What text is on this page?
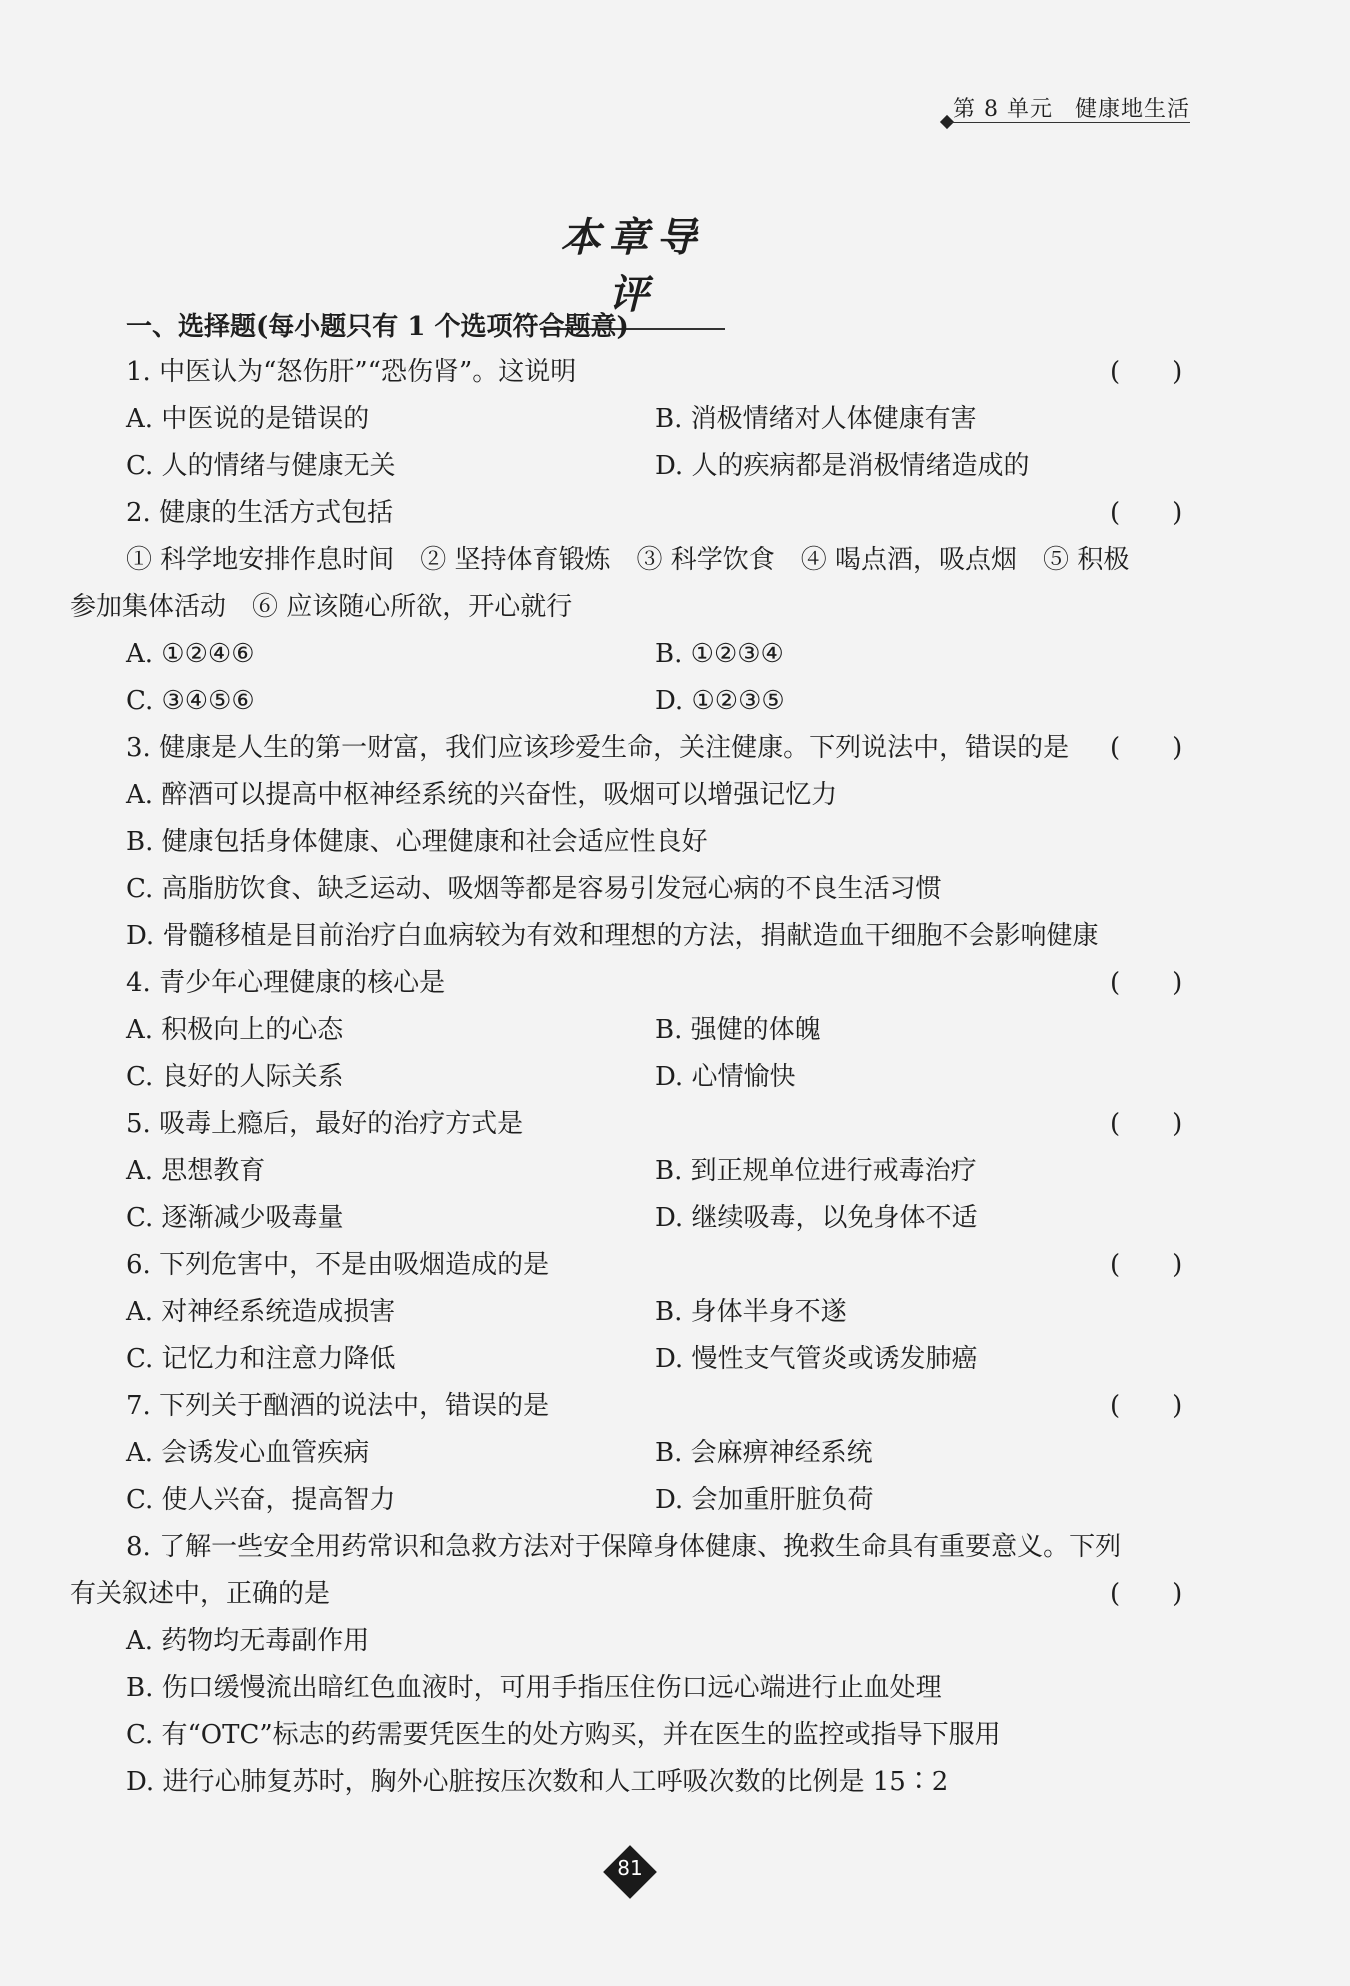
第 8 单元 健康地生活
本章导评
一、选择题(每小题只有 1 个选项符合题意)
1. 中医认为“怒伤肝”“恐伤肾”。这说明	(　　)
A. 中医说的是错误的	B. 消极情绪对人体健康有害
C. 人的情绪与健康无关	D. 人的疾病都是消极情绪造成的
2. 健康的生活方式包括	(　　)
① 科学地安排作息时间　② 坚持体育锻炼　③ 科学饮食　④ 喝点酒，吸点烟　⑤ 积极
参加集体活动　⑥ 应该随心所欲，开心就行
A. ①②④⑥	B. ①②③④
C. ③④⑤⑥	D. ①②③⑤
3. 健康是人生的第一财富，我们应该珍爱生命，关注健康。下列说法中，错误的是 (　　)
A. 醉酒可以提高中枢神经系统的兴奋性，吸烟可以增强记忆力
B. 健康包括身体健康、心理健康和社会适应性良好
C. 高脂肪饮食、缺乏运动、吸烟等都是容易引发冠心病的不良生活习惯
D. 骨髓移植是目前治疗白血病较为有效和理想的方法，捐献造血干细胞不会影响健康
4. 青少年心理健康的核心是	(　　)
A. 积极向上的心态	B. 强健的体魄
C. 良好的人际关系	D. 心情愉快
5. 吸毒上瘾后，最好的治疗方式是	(　　)
A. 思想教育	B. 到正规单位进行戒毒治疗
C. 逐渐减少吸毒量	D. 继续吸毒，以免身体不适
6. 下列危害中，不是由吸烟造成的是	(　　)
A. 对神经系统造成损害	B. 身体半身不遂
C. 记忆力和注意力降低	D. 慢性支气管炎或诱发肺癌
7. 下列关于酗酒的说法中，错误的是	(　　)
A. 会诱发心血管疾病	B. 会麻痹神经系统
C. 使人兴奋，提高智力	D. 会加重肝脏负荷
8. 了解一些安全用药常识和急救方法对于保障身体健康、挽救生命具有重要意义。下列
有关叙述中，正确的是	(　　)
A. 药物均无毒副作用
B. 伤口缓慢流出暗红色血液时，可用手指压住伤口远心端进行止血处理
C. 有“OTC”标志的药需要凭医生的处方购买，并在医生的监控或指导下服用
D. 进行心肺复苏时，胸外心脏按压次数和人工呼吸次数的比例是 15∶2
81
